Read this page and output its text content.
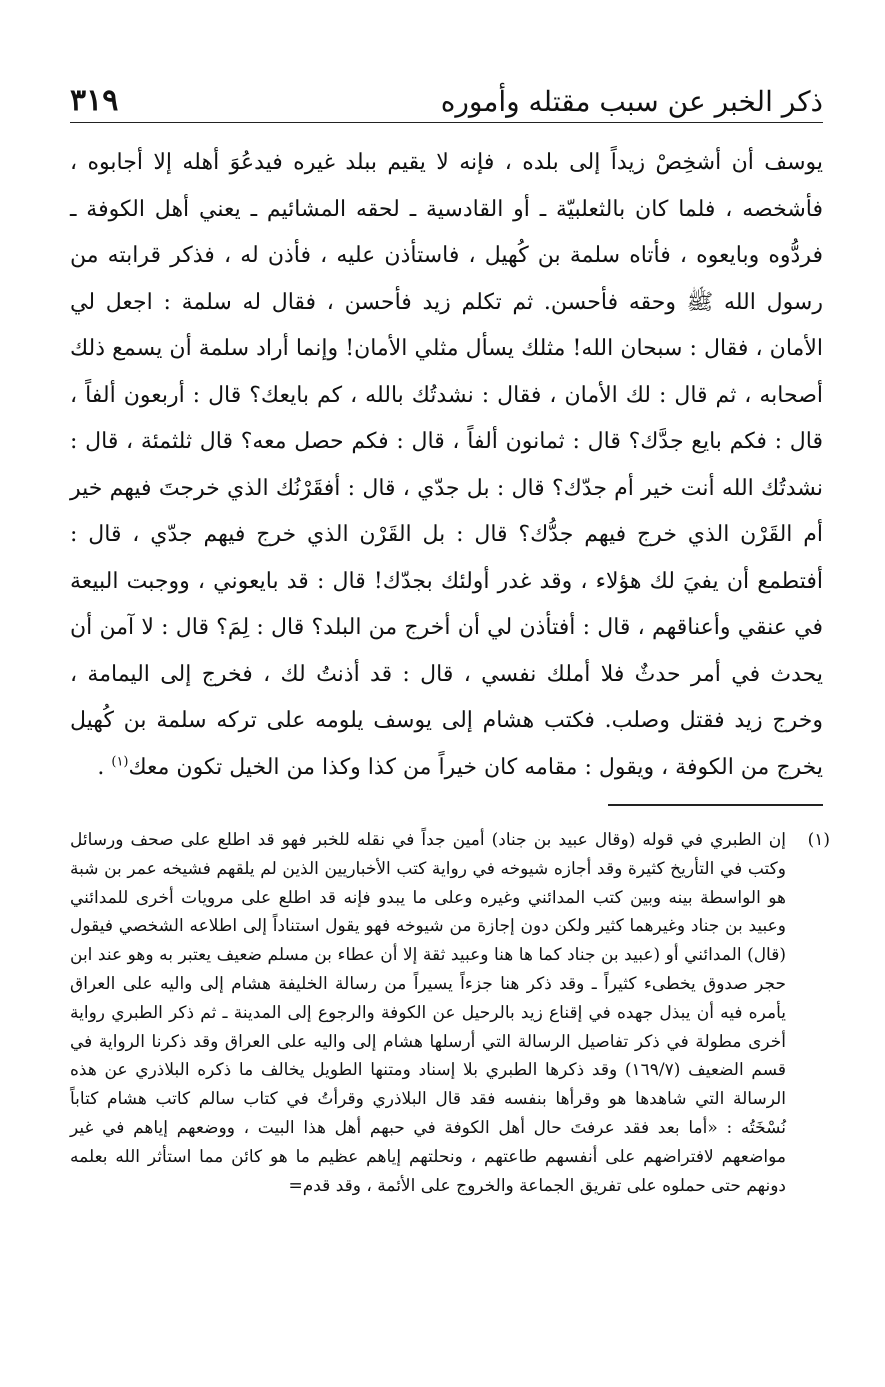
ذكر الخبر عن سبب مقتله وأموره
٣١٩

يوسف أن أشخِصْ زيداً إلى بلده ، فإنه لا يقيم ببلد غيره فيدعُوَ أهله إلا أجابوه ، فأشخصه ، فلما كان بالثعلبيّة ـ أو القادسية ـ لحقه المشائيم ـ يعني أهل الكوفة ـ فردُّوه وبايعوه ، فأتاه سلمة بن كُهيل ، فاستأذن عليه ، فأذن له ، فذكر قرابته من رسول الله ﷺ وحقه فأحسن. ثم تكلم زيد فأحسن ، فقال له سلمة : اجعل لي الأمان ، فقال : سبحان الله! مثلك يسأل مثلي الأمان! وإنما أراد سلمة أن يسمع ذلك أصحابه ، ثم قال : لك الأمان ، فقال : نشدتُك بالله ، كم بايعك؟ قال : أربعون ألفاً ، قال : فكم بايع جدَّك؟ قال : ثمانون ألفاً ، قال : فكم حصل معه؟ قال ثلثمئة ، قال : نشدتُك الله أنت خير أم جدّك؟ قال : بل جدّي ، قال : أفقَرْنُك الذي خرجتَ فيهم خير أم القَرْن الذي خرج فيهم جدُّك؟ قال : بل القَرْن الذي خرج فيهم جدّي ، قال : أفتطمع أن يفيَ لك هؤلاء ، وقد غدر أولئك بجدّك! قال : قد بايعوني ، ووجبت البيعة في عنقي وأعناقهم ، قال : أفتأذن لي أن أخرج من البلد؟ قال : لِمَ؟ قال : لا آمن أن يحدث في أمر حدثٌ فلا أملك نفسي ، قال : قد أذنتُ لك ، فخرج إلى اليمامة ، وخرج زيد فقتل وصلب. فكتب هشام إلى يوسف يلومه على تركه سلمة بن كُهيل يخرج من الكوفة ، ويقول : مقامه كان خيراً من كذا وكذا من الخيل تكون معك$^{(١)}$ .

(١)

إن الطبري في قوله (وقال عبيد بن جناد) أمين جداً في نقله للخبر فهو قد اطلع على صحف ورسائل وكتب في التأريخ كثيرة وقد أجازه شيوخه في رواية كتب الأخباريين الذين لم يلقهم فشيخه عمر بن شبة هو الواسطة بينه وبين كتب المدائني وغيره وعلى ما يبدو فإنه قد اطلع على مرويات أخرى للمدائني وعبيد بن جناد وغيرهما كثير ولكن دون إجازة من شيوخه فهو يقول استناداً إلى اطلاعه الشخصي فيقول (قال) المدائني أو (عبيد بن جناد كما ها هنا وعبيد ثقة إلا أن عطاء بن مسلم ضعيف يعتبر به وهو عند ابن حجر صدوق يخطىء كثيراً ـ وقد ذكر هنا جزءاً يسيراً من رسالة الخليفة هشام إلى واليه على العراق يأمره فيه أن يبذل جهده في إقناع زيد بالرحيل عن الكوفة والرجوع إلى المدينة ـ ثم ذكر الطبري رواية أخرى مطولة في ذكر تفاصيل الرسالة التي أرسلها هشام إلى واليه على العراق وقد ذكرنا الرواية في قسم الضعيف (١٦٩/٧) وقد ذكرها الطبري بلا إسناد ومتنها الطويل يخالف ما ذكره البلاذري عن هذه الرسالة التي شاهدها هو وقرأها بنفسه فقد قال البلاذري وقرأتُ في كتاب سالم كاتب هشام كتاباً نُسْخَتُه : «أما بعد فقد عرفتَ حال أهل الكوفة في حبهم أهل هذا البيت ، ووضعهم إياهم في غير مواضعهم لافتراضهم على أنفسهم طاعتهم ، ونحلتهم إياهم عظيم ما هو كائن مما استأثر الله بعلمه دونهم حتى حملوه على تفريق الجماعة والخروج على الأئمة ، وقد قدم=
